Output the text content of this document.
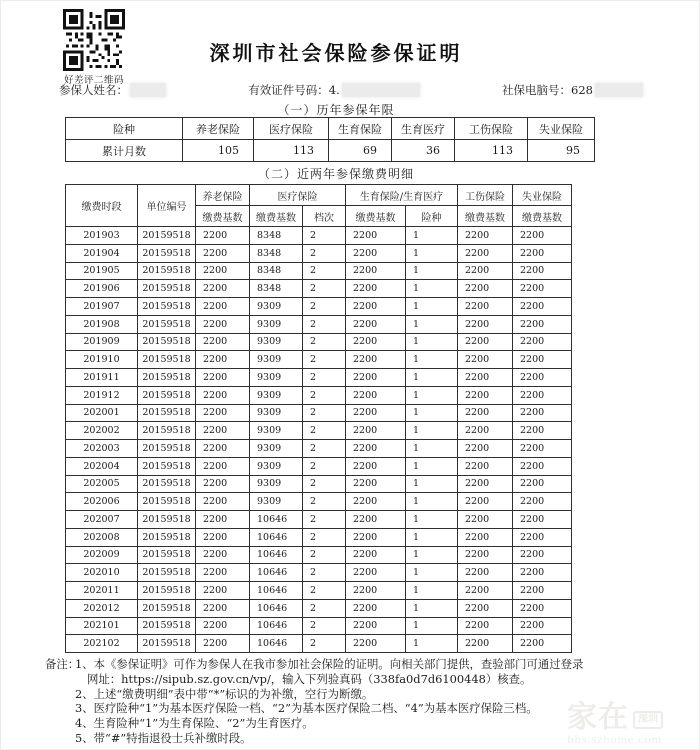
好差评二维码
深圳市社会保险参保证明
参保人姓名：	有效证件号码： 4.	社保电脑号： 628
（一）历年参保年限
险种	养老保险	医疗保险	生育保险	生育医疗	工伤保险	失业保险
累计月数	105	113	69	36	113	95
（二）近两年参保缴费明细
缴费时段	单位编号	养老保险	医疗保险		生育保险/生育医疗		工伤保险	失业保险
		缴费基数	缴费基数	档次	缴费基数	险种	缴费基数	缴费基数
201903	20159518	2200	8348	2	2200	1	2200	2200
201904	20159518	2200	8348	2	2200	1	2200	2200
201905	20159518	2200	8348	2	2200	1	2200	2200
201906	20159518	2200	8348	2	2200	1	2200	2200
201907	20159518	2200	9309	2	2200	1	2200	2200
201908	20159518	2200	9309	2	2200	1	2200	2200
201909	20159518	2200	9309	2	2200	1	2200	2200
201910	20159518	2200	9309	2	2200	1	2200	2200
201911	20159518	2200	9309	2	2200	1	2200	2200
201912	20159518	2200	9309	2	2200	1	2200	2200
202001	20159518	2200	9309	2	2200	1	2200	2200
202002	20159518	2200	9309	2	2200	1	2200	2200
202003	20159518	2200	9309	2	2200	1	2200	2200
202004	20159518	2200	9309	2	2200	1	2200	2200
202005	20159518	2200	9309	2	2200	1	2200	2200
202006	20159518	2200	9309	2	2200	1	2200	2200
202007	20159518	2200	10646	2	2200	1	2200	2200
202008	20159518	2200	10646	2	2200	1	2200	2200
202009	20159518	2200	10646	2	2200	1	2200	2200
202010	20159518	2200	10646	2	2200	1	2200	2200
202011	20159518	2200	10646	2	2200	1	2200	2200
202012	20159518	2200	10646	2	2200	1	2200	2200
202101	20159518	2200	10646	2	2200	1	2200	2200
202102	20159518	2200	10646	2	2200	1	2200	2200
备注：
1、本《参保证明》可作为参保人在我市参加社会保险的证明。向相关部门提供，查验部门可通过登录
网址：https://sipub.sz.gov.cn/vp/，输入下列验真码（338fa0d7d6100448）核查。
2、上述“缴费明细”表中带“*”标识的为补缴，空行为断缴。
3、医疗险种“1”为基本医疗保险一档、“2”为基本医疗保险二档、“4”为基本医疗保险三档。
4、生育险种“1”为生育保险、“2”为生育医疗。
5、带“#”特指退役士兵补缴时段。
家在 深圳
bbs.szhome.com
